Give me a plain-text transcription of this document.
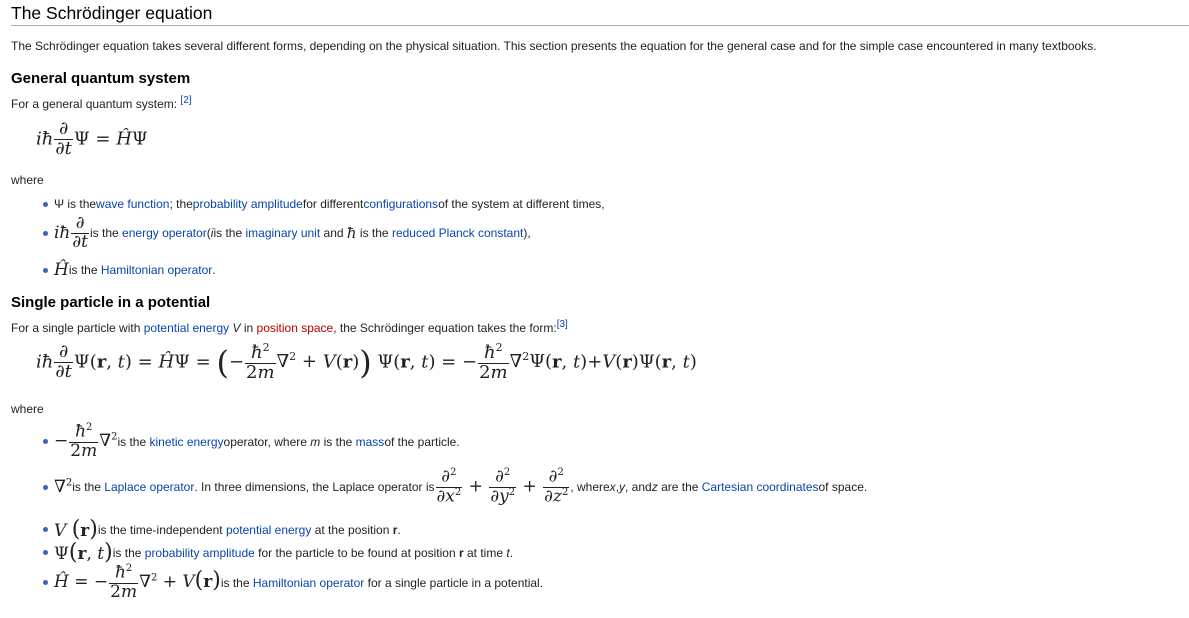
The Schrödinger equation
The Schrödinger equation takes several different forms, depending on the physical situation. This section presents the equation for the general case and for the simple case encountered in many textbooks.
General quantum system
For a general quantum system: [2]
iħ $\frac{\partial}{\partial t}$ Ψ = ĤΨ
where
Ψ is the wave function ; the probability amplitude for different configurations of the system at different times,
iħ $\frac{\partial}{\partial t}$ is the
energy operator ( i is the
imaginary unit
and
ħ
is the
reduced Planck constant ),
Ĥ is the
Hamiltonian operator .
Single particle in a potential
For a single particle with potential energy V in position space, the Schrödinger equation takes the form:[3]
iħ $\frac{\partial}{\partial t} \Psi(r$, t) = ĤΨ = (− $\frac{ħ^2}{2m} \nabla^2 + V(r)$) Ψ(r, t) = − $\frac{ħ^2}{2m} \nabla^2\Psi(r$, t)+V(r)Ψ(r, t)
where
− $\frac{ħ^2}{2m} \nabla^2$ is the
kinetic energy operator, where
m
is the
mass of the particle.
∇$^2$ is the
Laplace operator . In three dimensions, the Laplace operator is $\frac{\partial^2}{\partial x^2} + \frac{\partial^2}{\partial y^2} + \frac{\partial^2}{\partial z^2}$ , where x , y , and z
are the
Cartesian coordinates of space.
V (r) is the time-independent
potential energy
at the position
r .
Ψ(r, t) is the
probability amplitude
for the particle to be found at position
r
at time
t .
Ĥ = − $\frac{ħ^2}{2m} \nabla^2 + V(r)$ is the
Hamiltonian operator
for a single particle in a potential.
